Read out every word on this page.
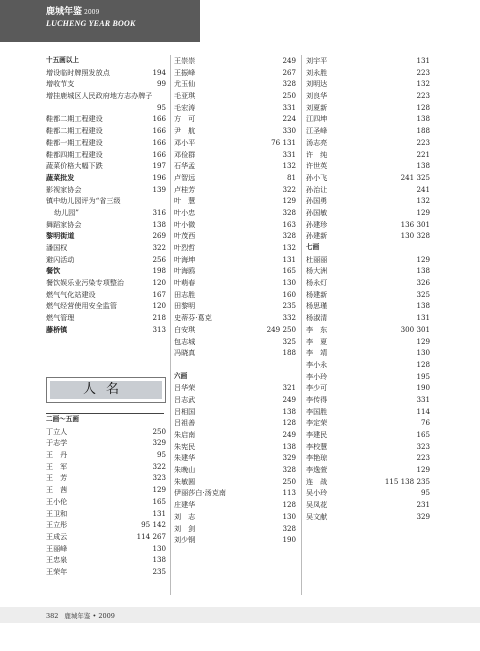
鹿城年鉴 2009
LUCHENG YEAR BOOK
十五画以上
增设临时牌照发放点	194
增收节支	99
增挂鹿城区人民政府地方志办牌子
95
鞋都二期工程建设	166
鞋都二期工程建设	166
鞋都一期工程建设	166
鞋都四期工程建设	166
蔬菜价格大幅下跌	197
蔬菜批发	196
影视家协会	139
镇中幼儿园评为“省三级
幼儿园”	316
舞蹈家协会	138
黎明街道	269
潘国权	322
避闪活动	256
餐饮	198
餐饮娱乐业污染专项整治	120
燃气气化站建设	167
燃气经营使用安全监管	120
燃气管理	218
藤桥镇	313
人名
二画～五画
丁立人	250
于志学	329
王　丹	95
王　军	322
王　芳	323
王　茜	129
王小伦	165
王卫和	131
王立彤	95 142
王成云	114 267
王丽峰	130
王忠泉	138
王荣年	235
王崇崇	249
王振峰	267
尤玉仙	328
毛亚琪	250
毛宏涛	331
方　可	224
尹　航	330
邓小平	76 131
邓俭群	331
石华孟	132
卢智远	81
卢桂芳	322
叶　慧	129
叶小忠	328
叶小微	163
叶茂西	328
叶烈哲	132
叶海坤	131
叶海鸥	165
叶萌春	130
田志胜	160
田黎明	235
史蒂芬·葛克	332
白安琪	249 250
包志城	325
冯晓真	188
六画
吕华荣	321
吕志武	249
吕相国	138
吕祖善	128
朱启南	249
朱宪民	138
朱建华	329
朱晚山	328
朱敏圆	250
伊丽莎白·汤克南	113
庄建华	128
刘　志	130
刘　剑	328
刘少钢	190
刘宇平	131
刘永胜	223
刘明达	132
刘良华	223
刘夏新	128
江四坤	138
江圣峰	188
汤志亮	223
许　纯	221
许世英	138
孙小飞	241 325
孙治让	241
孙国勇	132
孙国敏	129
孙建珍	136 301
孙建新	130 328
七画
杜丽丽	129
杨大洲	138
杨永灯	326
杨建新	325
杨思瑾	138
杨淑清	131
李　东	300 301
李　夏	129
李　靖	130
李小永	128
李小玲	195
李少可	190
李传得	331
李国胜	114
李定荣	76
李建民	165
李校慧	323
李艳琼	223
李逸萱	129
连　战	115 138 235
吴小玲	95
吴凤花	231
吴文献	329
382 鹿城年鉴 • 2009
